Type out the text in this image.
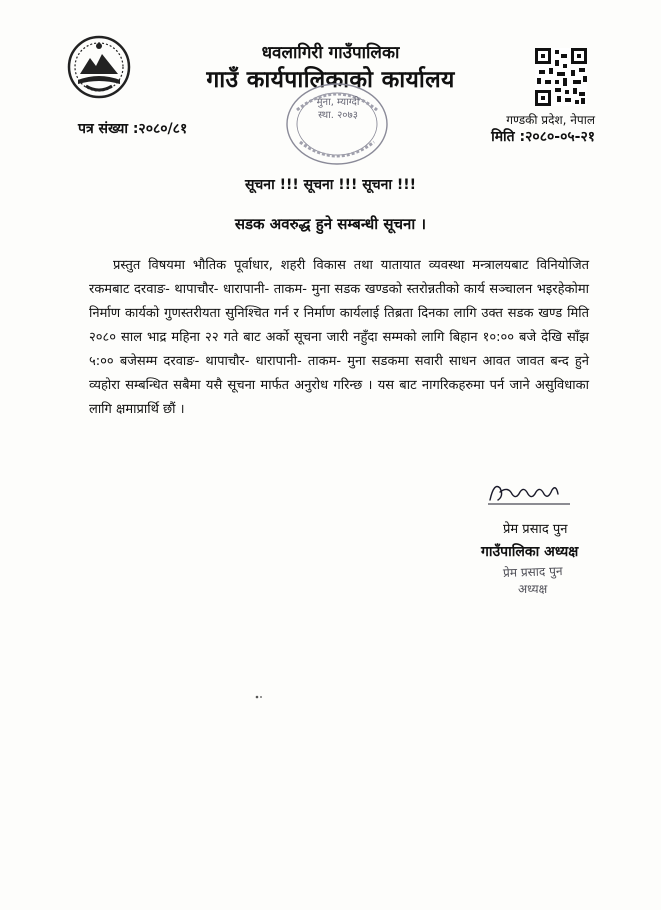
धवलागिरी गाउँपालिका
गाउँ कार्यपालिकाको कार्यालय
मुना, म्याग्दी
स्था. २०७३
पत्र संख्या :२०८०/८१
गण्डकी प्रदेश, नेपाल
मिति :२०८०-०५-२१
सूचना !!! सूचना !!! सूचना !!!
सडक अवरुद्ध हुने सम्बन्धी सूचना ।
प्रस्तुत विषयमा भौतिक पूर्वाधार, शहरी विकास तथा यातायात व्यवस्था मन्त्रालयबाट विनियोजित रकमबाट दरवाङ- थापाचौर- धारापानी- ताकम- मुना सडक खण्डको स्तरोन्नतीको कार्य सञ्चालन भइरहेकोमा निर्माण कार्यको गुणस्तरीयता सुनिश्चित गर्न र निर्माण कार्यलाई तिब्रता दिनका लागि उक्त सडक खण्ड मिति २०८० साल भाद्र महिना २२ गते बाट अर्को सूचना जारी नहुँदा सम्मको लागि बिहान १०:०० बजे देखि साँझ ५:०० बजेसम्म दरवाङ- थापाचौर- धारापानी- ताकम- मुना सडकमा सवारी साधन आवत जावत बन्द हुने व्यहोरा सम्बन्धित सबैमा यसै सूचना मार्फत अनुरोध गरिन्छ । यस बाट नागरिकहरुमा पर्न जाने असुविधाका लागि क्षमाप्रार्थि छौं ।
प्रेम प्रसाद पुन
गाउँपालिका अध्यक्ष
प्रेम प्रसाद पुन
अध्यक्ष
